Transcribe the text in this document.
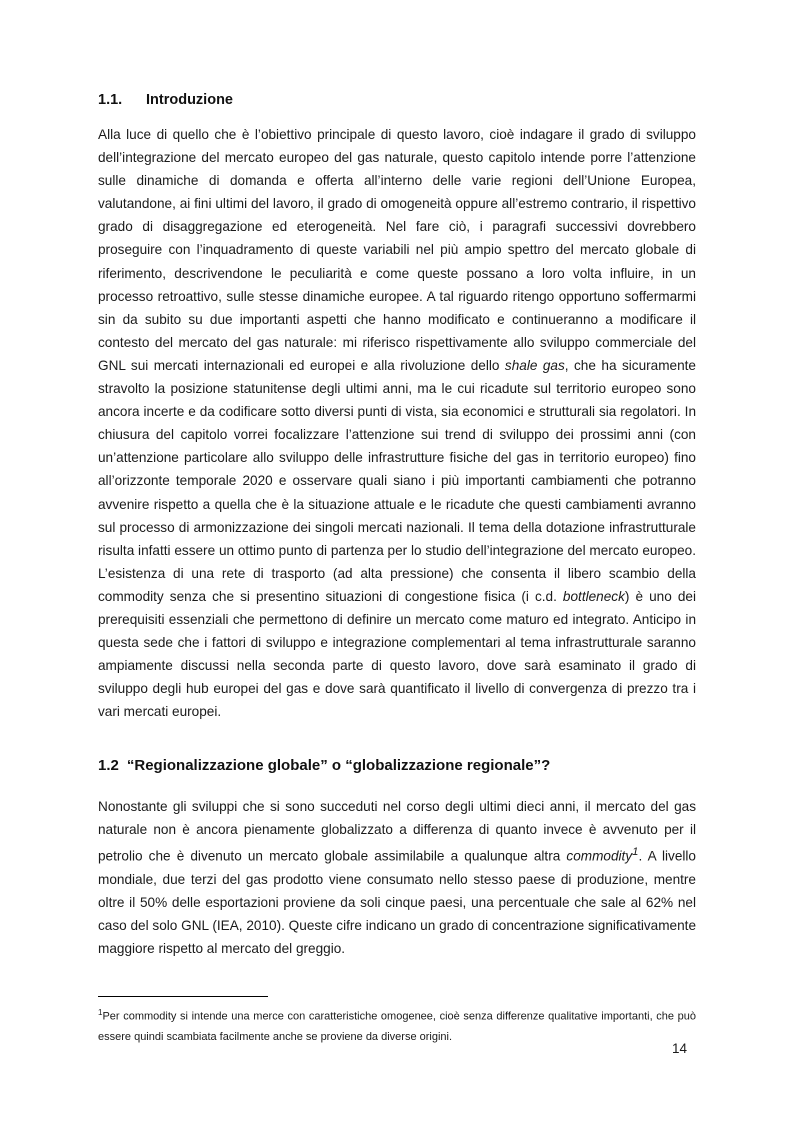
1.1. Introduzione

Alla luce di quello che è l’obiettivo principale di questo lavoro, cioè indagare il grado di sviluppo dell’integrazione del mercato europeo del gas naturale, questo capitolo intende porre l’attenzione sulle dinamiche di domanda e offerta all’interno delle varie regioni dell’Unione Europea, valutandone, ai fini ultimi del lavoro, il grado di omogeneità oppure all’estremo contrario, il rispettivo grado di disaggregazione ed eterogeneità. Nel fare ciò, i paragrafi successivi dovrebbero proseguire con l’inquadramento di queste variabili nel più ampio spettro del mercato globale di riferimento, descrivendone le peculiarità e come queste possano a loro volta influire, in un processo retroattivo, sulle stesse dinamiche europee. A tal riguardo ritengo opportuno soffermarmi sin da subito su due importanti aspetti che hanno modificato e continueranno a modificare il contesto del mercato del gas naturale: mi riferisco rispettivamente allo sviluppo commerciale del GNL sui mercati internazionali ed europei e alla rivoluzione dello shale gas, che ha sicuramente stravolto la posizione statunitense degli ultimi anni, ma le cui ricadute sul territorio europeo sono ancora incerte e da codificare sotto diversi punti di vista, sia economici e strutturali sia regolatori. In chiusura del capitolo vorrei focalizzare l’attenzione sui trend di sviluppo dei prossimi anni (con un’attenzione particolare allo sviluppo delle infrastrutture fisiche del gas in territorio europeo) fino all’orizzonte temporale 2020 e osservare quali siano i più importanti cambiamenti che potranno avvenire rispetto a quella che è la situazione attuale e le ricadute che questi cambiamenti avranno sul processo di armonizzazione dei singoli mercati nazionali. Il tema della dotazione infrastrutturale risulta infatti essere un ottimo punto di partenza per lo studio dell’integrazione del mercato europeo. L’esistenza di una rete di trasporto (ad alta pressione) che consenta il libero scambio della commodity senza che si presentino situazioni di congestione fisica (i c.d. bottleneck) è uno dei prerequisiti essenziali che permettono di definire un mercato come maturo ed integrato. Anticipo in questa sede che i fattori di sviluppo e integrazione complementari al tema infrastrutturale saranno ampiamente discussi nella seconda parte di questo lavoro, dove sarà esaminato il grado di sviluppo degli hub europei del gas e dove sarà quantificato il livello di convergenza di prezzo tra i vari mercati europei.

1.2 “Regionalizzazione globale” o “globalizzazione regionale”?

Nonostante gli sviluppi che si sono succeduti nel corso degli ultimi dieci anni, il mercato del gas naturale non è ancora pienamente globalizzato a differenza di quanto invece è avvenuto per il petrolio che è divenuto un mercato globale assimilabile a qualunque altra commodity$^1$. A livello mondiale, due terzi del gas prodotto viene consumato nello stesso paese di produzione, mentre oltre il 50% delle esportazioni proviene da soli cinque paesi, una percentuale che sale al 62% nel caso del solo GNL (IEA, 2010). Queste cifre indicano un grado di concentrazione significativamente maggiore rispetto al mercato del greggio.

$^1$Per commodity si intende una merce con caratteristiche omogenee, cioè senza differenze qualitative importanti, che può essere quindi scambiata facilmente anche se proviene da diverse origini.
14
